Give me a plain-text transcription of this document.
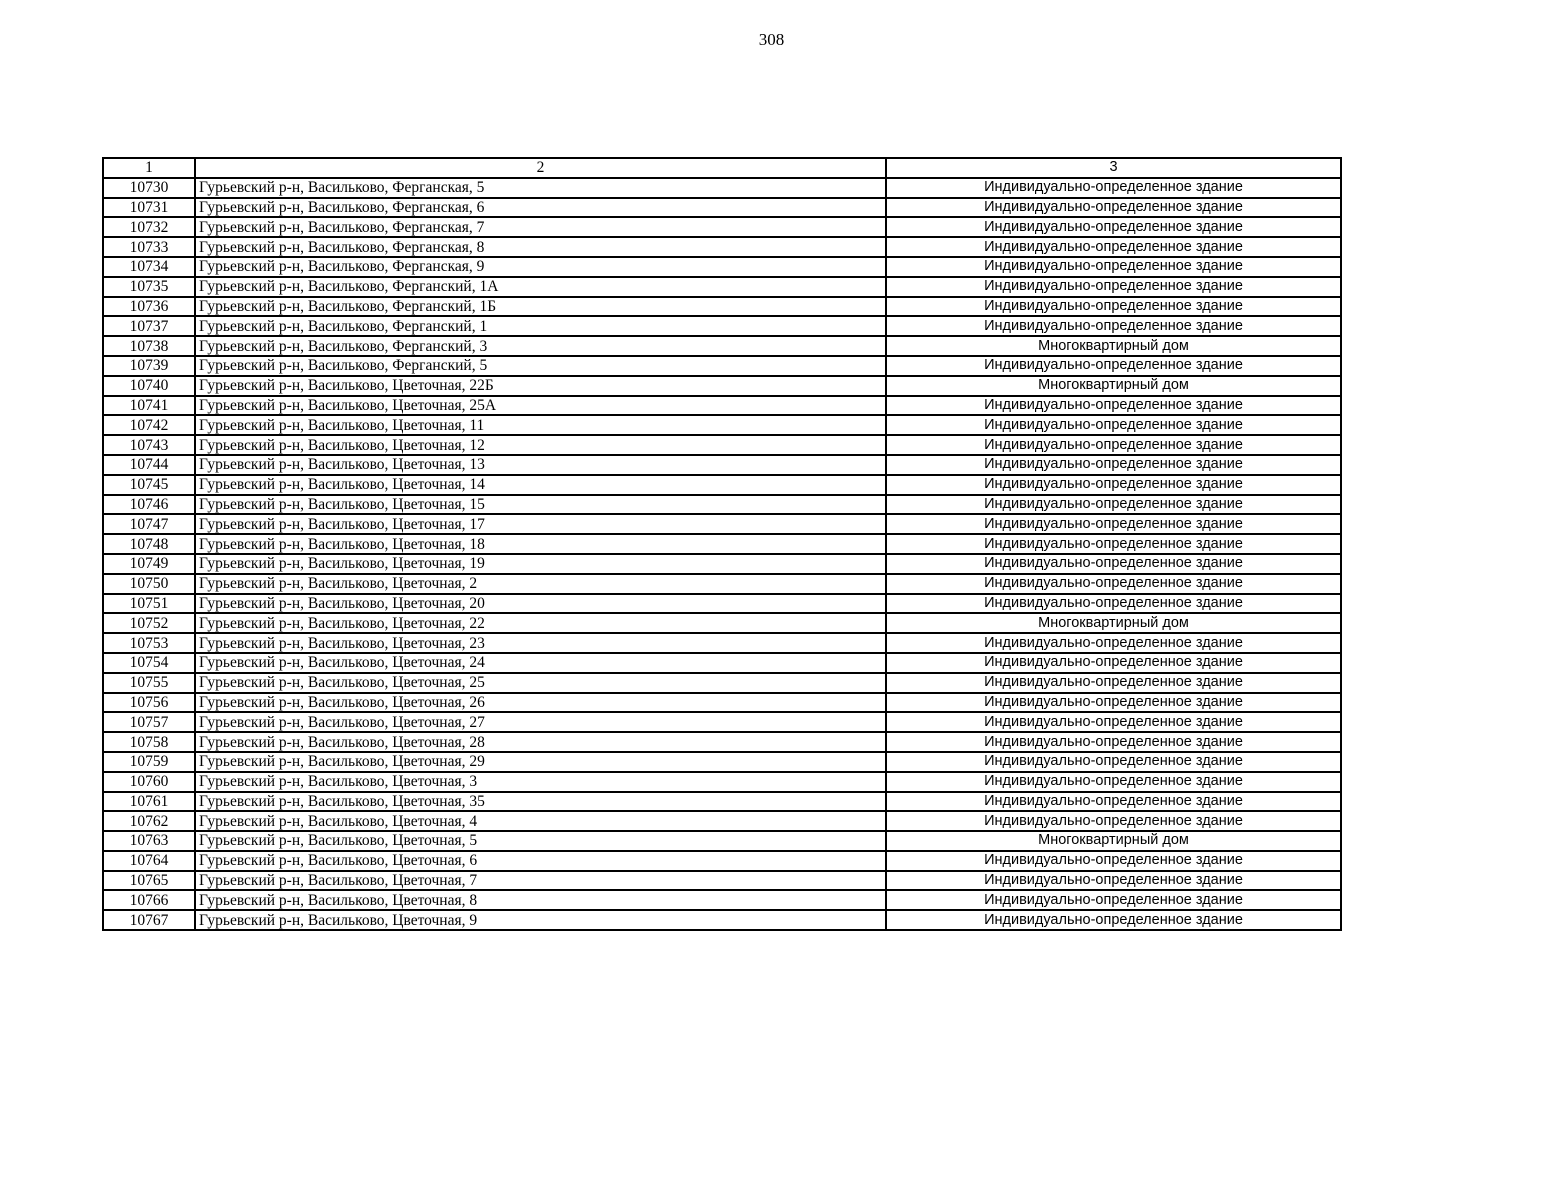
308
1	2	3
10730	Гурьевский р-н, Васильково, Ферганская, 5	Индивидуально-определенное здание
10731	Гурьевский р-н, Васильково, Ферганская, 6	Индивидуально-определенное здание
10732	Гурьевский р-н, Васильково, Ферганская, 7	Индивидуально-определенное здание
10733	Гурьевский р-н, Васильково, Ферганская, 8	Индивидуально-определенное здание
10734	Гурьевский р-н, Васильково, Ферганская, 9	Индивидуально-определенное здание
10735	Гурьевский р-н, Васильково, Ферганский, 1А	Индивидуально-определенное здание
10736	Гурьевский р-н, Васильково, Ферганский, 1Б	Индивидуально-определенное здание
10737	Гурьевский р-н, Васильково, Ферганский, 1	Индивидуально-определенное здание
10738	Гурьевский р-н, Васильково, Ферганский, 3	Многоквартирный дом
10739	Гурьевский р-н, Васильково, Ферганский, 5	Индивидуально-определенное здание
10740	Гурьевский р-н, Васильково, Цветочная, 22Б	Многоквартирный дом
10741	Гурьевский р-н, Васильково, Цветочная, 25А	Индивидуально-определенное здание
10742	Гурьевский р-н, Васильково, Цветочная, 11	Индивидуально-определенное здание
10743	Гурьевский р-н, Васильково, Цветочная, 12	Индивидуально-определенное здание
10744	Гурьевский р-н, Васильково, Цветочная, 13	Индивидуально-определенное здание
10745	Гурьевский р-н, Васильково, Цветочная, 14	Индивидуально-определенное здание
10746	Гурьевский р-н, Васильково, Цветочная, 15	Индивидуально-определенное здание
10747	Гурьевский р-н, Васильково, Цветочная, 17	Индивидуально-определенное здание
10748	Гурьевский р-н, Васильково, Цветочная, 18	Индивидуально-определенное здание
10749	Гурьевский р-н, Васильково, Цветочная, 19	Индивидуально-определенное здание
10750	Гурьевский р-н, Васильково, Цветочная, 2	Индивидуально-определенное здание
10751	Гурьевский р-н, Васильково, Цветочная, 20	Индивидуально-определенное здание
10752	Гурьевский р-н, Васильково, Цветочная, 22	Многоквартирный дом
10753	Гурьевский р-н, Васильково, Цветочная, 23	Индивидуально-определенное здание
10754	Гурьевский р-н, Васильково, Цветочная, 24	Индивидуально-определенное здание
10755	Гурьевский р-н, Васильково, Цветочная, 25	Индивидуально-определенное здание
10756	Гурьевский р-н, Васильково, Цветочная, 26	Индивидуально-определенное здание
10757	Гурьевский р-н, Васильково, Цветочная, 27	Индивидуально-определенное здание
10758	Гурьевский р-н, Васильково, Цветочная, 28	Индивидуально-определенное здание
10759	Гурьевский р-н, Васильково, Цветочная, 29	Индивидуально-определенное здание
10760	Гурьевский р-н, Васильково, Цветочная, 3	Индивидуально-определенное здание
10761	Гурьевский р-н, Васильково, Цветочная, 35	Индивидуально-определенное здание
10762	Гурьевский р-н, Васильково, Цветочная, 4	Индивидуально-определенное здание
10763	Гурьевский р-н, Васильково, Цветочная, 5	Многоквартирный дом
10764	Гурьевский р-н, Васильково, Цветочная, 6	Индивидуально-определенное здание
10765	Гурьевский р-н, Васильково, Цветочная, 7	Индивидуально-определенное здание
10766	Гурьевский р-н, Васильково, Цветочная, 8	Индивидуально-определенное здание
10767	Гурьевский р-н, Васильково, Цветочная, 9	Индивидуально-определенное здание
